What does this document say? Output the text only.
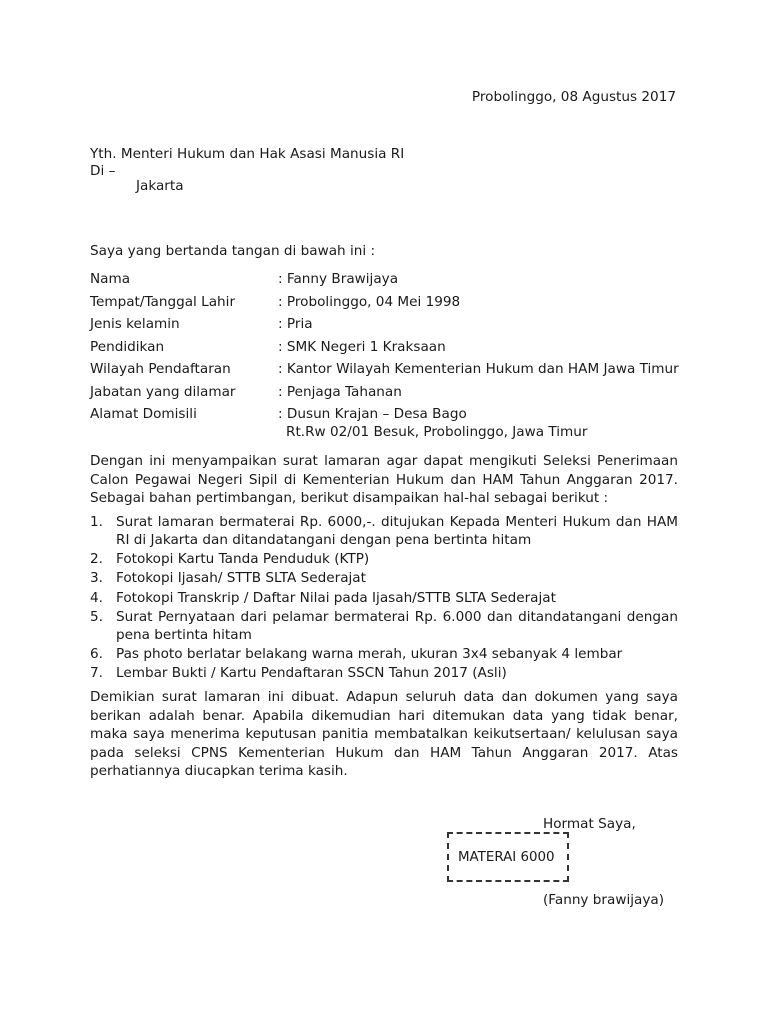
Probolinggo, 08 Agustus 2017
Yth. Menteri Hukum dan Hak Asasi Manusia RI
Di –
Jakarta
Saya yang bertanda tangan di bawah ini :
Nama	: Fanny Brawijaya
Tempat/Tanggal Lahir	: Probolinggo, 04 Mei 1998
Jenis kelamin	: Pria
Pendidikan	: SMK Negeri 1 Kraksaan
Wilayah Pendaftaran	: Kantor Wilayah Kementerian Hukum dan HAM Jawa Timur
Jabatan yang dilamar	: Penjaga Tahanan
Alamat Domisili	: Dusun Krajan – Desa Bago
Rt.Rw 02/01 Besuk, Probolinggo, Jawa Timur

Dengan ini menyampaikan surat lamaran agar dapat mengikuti Seleksi Penerimaan Calon Pegawai Negeri Sipil di Kementerian Hukum dan HAM Tahun Anggaran 2017. Sebagai bahan pertimbangan, berikut disampaikan hal-hal sebagai berikut :

1. Surat lamaran bermaterai Rp. 6000,-. ditujukan Kepada Menteri Hukum dan HAM RI di Jakarta dan ditandatangani dengan pena bertinta hitam
2. Fotokopi Kartu Tanda Penduduk (KTP)
3. Fotokopi Ijasah/ STTB SLTA Sederajat
4. Fotokopi Transkrip / Daftar Nilai pada Ijasah/STTB SLTA Sederajat
5. Surat Pernyataan dari pelamar bermaterai Rp. 6.000 dan ditandatangani dengan pena bertinta hitam
6. Pas photo berlatar belakang warna merah, ukuran 3x4 sebanyak 4 lembar
7. Lembar Bukti / Kartu Pendaftaran SSCN Tahun 2017 (Asli)

Demikian surat lamaran ini dibuat. Adapun seluruh data dan dokumen yang saya berikan adalah benar. Apabila dikemudian hari ditemukan data yang tidak benar, maka saya menerima keputusan panitia membatalkan keikutsertaan/ kelulusan saya pada seleksi CPNS Kementerian Hukum dan HAM Tahun Anggaran 2017. Atas perhatiannya diucapkan terima kasih.

Hormat Saya,
MATERAI 6000
(Fanny brawijaya)
